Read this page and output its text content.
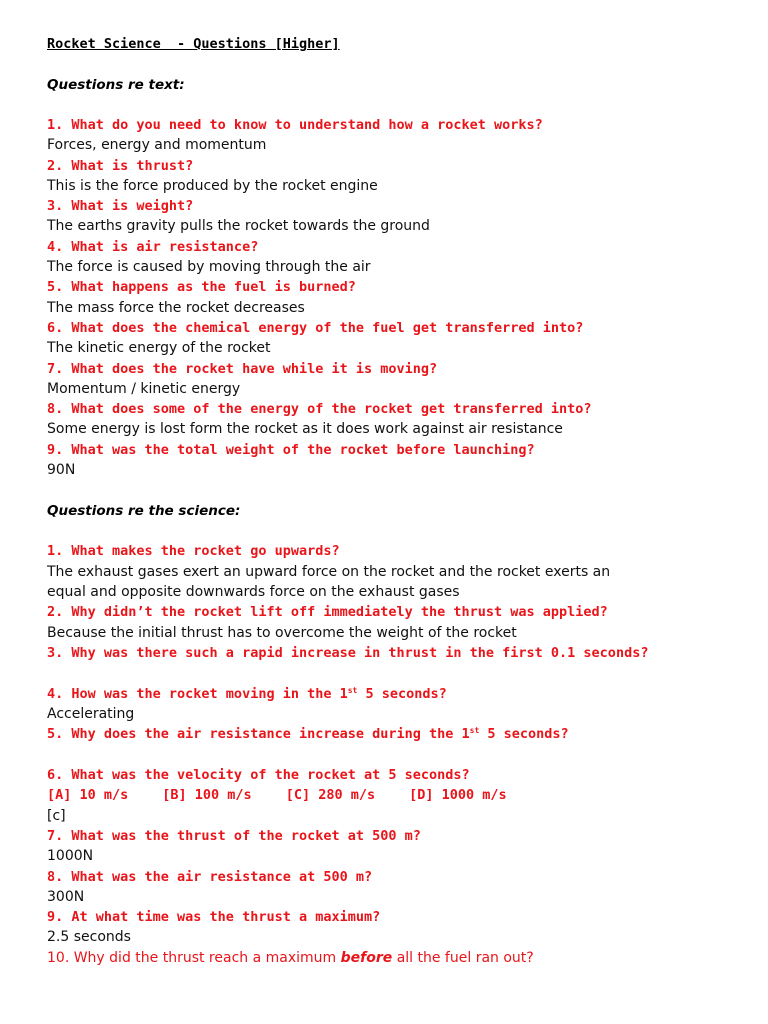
Rocket Science  - Questions [Higher]
Questions re text:
1. What do you need to know to understand how a rocket works?
Forces, energy and momentum
2. What is thrust?
This is the force produced by the rocket engine
3. What is weight?
The earths gravity pulls the rocket towards the ground
4. What is air resistance?
The force is caused by moving through the air
5. What happens as the fuel is burned?
The mass force the rocket decreases
6. What does the chemical energy of the fuel get transferred into?
The kinetic energy of the rocket
7. What does the rocket have while it is moving?
Momentum / kinetic energy
8. What does some of the energy of the rocket get transferred into?
Some energy is lost form the rocket as it does work against air resistance
9. What was the total weight of the rocket before launching?
90N
Questions re the science:
1. What makes the rocket go upwards?
The exhaust gases exert an upward force on the rocket and the rocket exerts an equal and opposite downwards force on the exhaust gases
2. Why didn’t the rocket lift off immediately the thrust was applied?
Because the initial thrust has to overcome the weight of the rocket
3. Why was there such a rapid increase in thrust in the first 0.1 seconds?
4. How was the rocket moving in the 1st 5 seconds?
Accelerating
5. Why does the air resistance increase during the 1st 5 seconds?
6. What was the velocity of the rocket at 5 seconds?
[A] 10 m/s	[B] 100 m/s	[C] 280 m/s	[D] 1000 m/s
[c]
7. What was the thrust of the rocket at 500 m?
1000N
8. What was the air resistance at 500 m?
300N
9. At what time was the thrust a maximum?
2.5 seconds
10. Why did the thrust reach a maximum before all the fuel ran out?
